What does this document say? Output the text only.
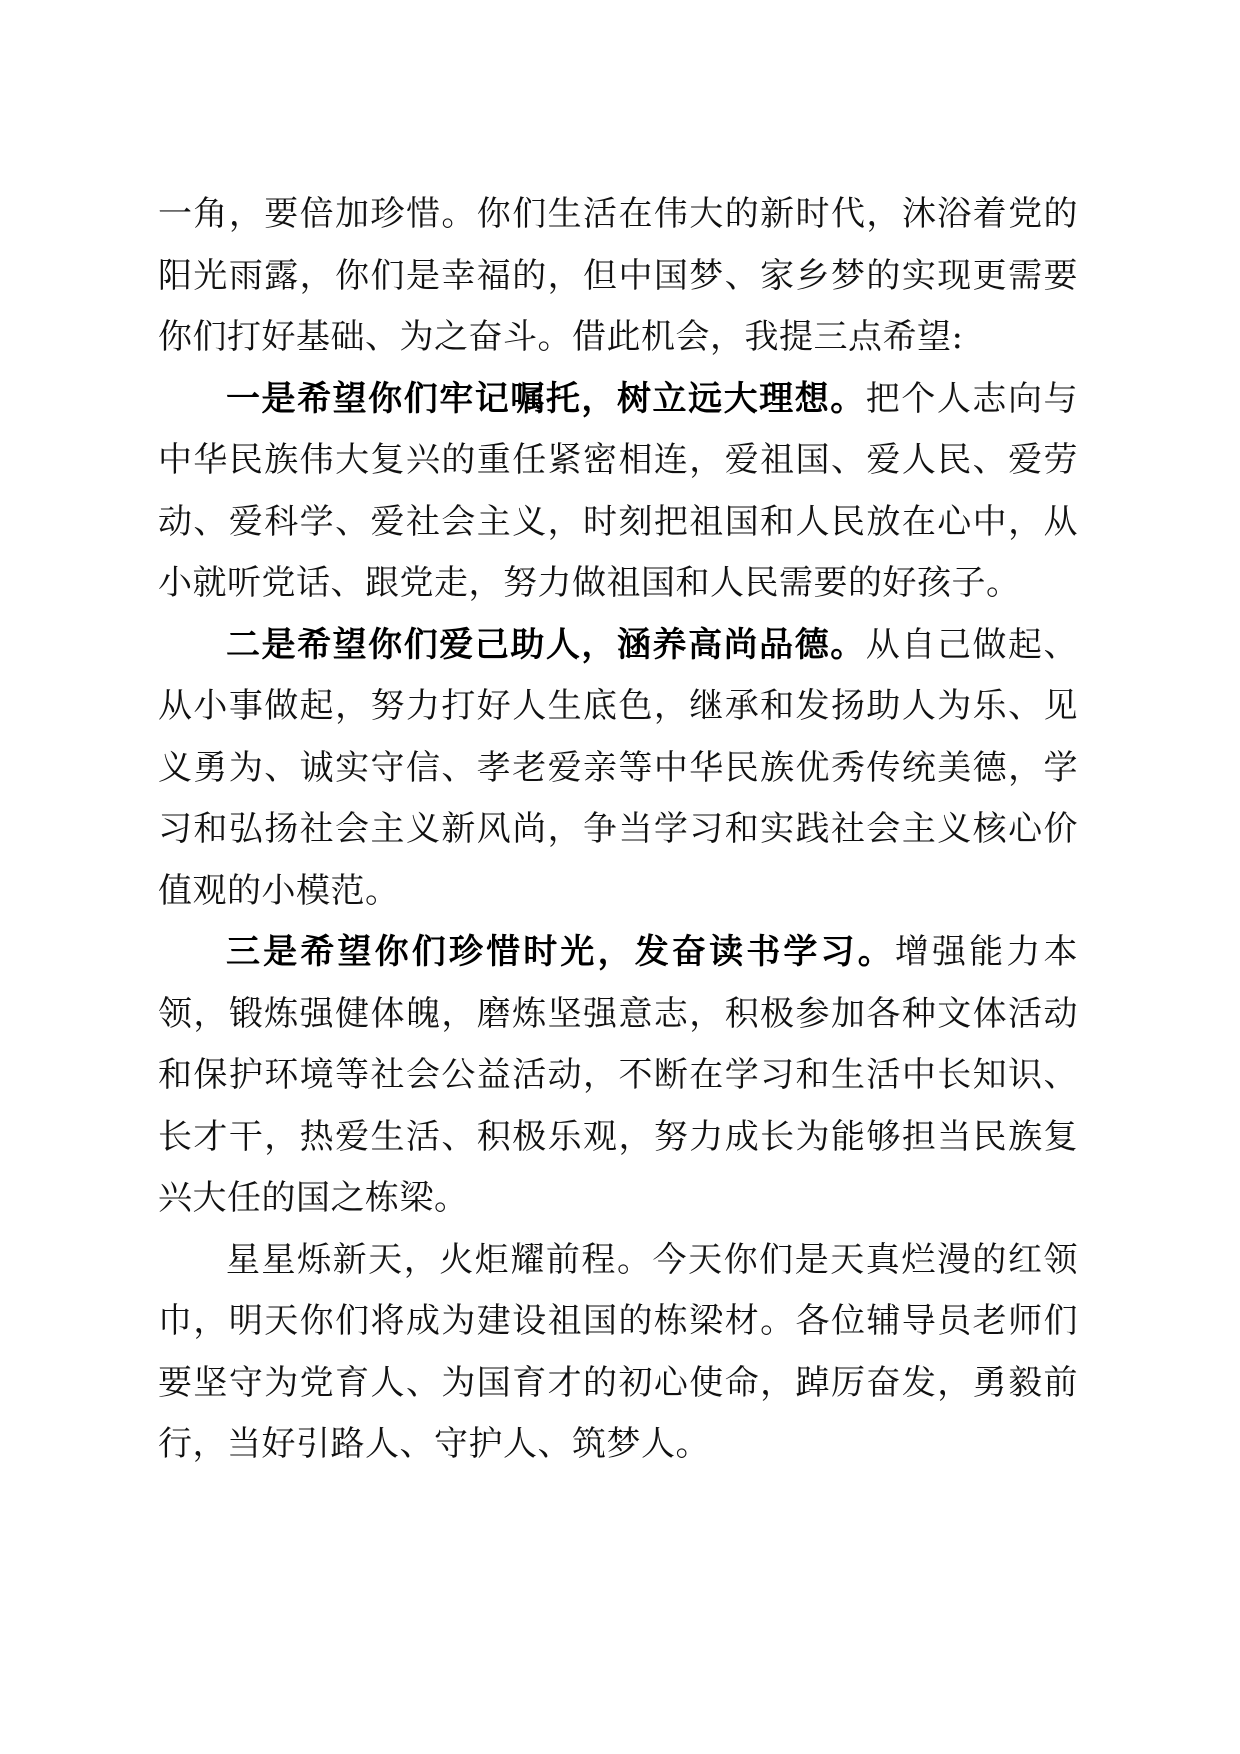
一角，要倍加珍惜。你们生活在伟大的新时代，沐浴着党的阳光雨露，你们是幸福的，但中国梦、家乡梦的实现更需要你们打好基础、为之奋斗。借此机会，我提三点希望:

一是希望你们牢记嘱托，树立远大理想。把个人志向与中华民族伟大复兴的重任紧密相连，爱祖国、爱人民、爱劳动、爱科学、爱社会主义，时刻把祖国和人民放在心中，从小就听党话、跟党走，努力做祖国和人民需要的好孩子。

二是希望你们爱己助人，涵养高尚品德。从自己做起、从小事做起，努力打好人生底色，继承和发扬助人为乐、见义勇为、诚实守信、孝老爱亲等中华民族优秀传统美德，学习和弘扬社会主义新风尚，争当学习和实践社会主义核心价值观的小模范。

三是希望你们珍惜时光，发奋读书学习。增强能力本领，锻炼强健体魄，磨炼坚强意志，积极参加各种文体活动和保护环境等社会公益活动，不断在学习和生活中长知识、长才干，热爱生活、积极乐观，努力成长为能够担当民族复兴大任的国之栋梁。

星星烁新天，火炬耀前程。今天你们是天真烂漫的红领巾，明天你们将成为建设祖国的栋梁材。各位辅导员老师们要坚守为党育人、为国育才的初心使命，踔厉奋发，勇毅前行，当好引路人、守护人、筑梦人。
